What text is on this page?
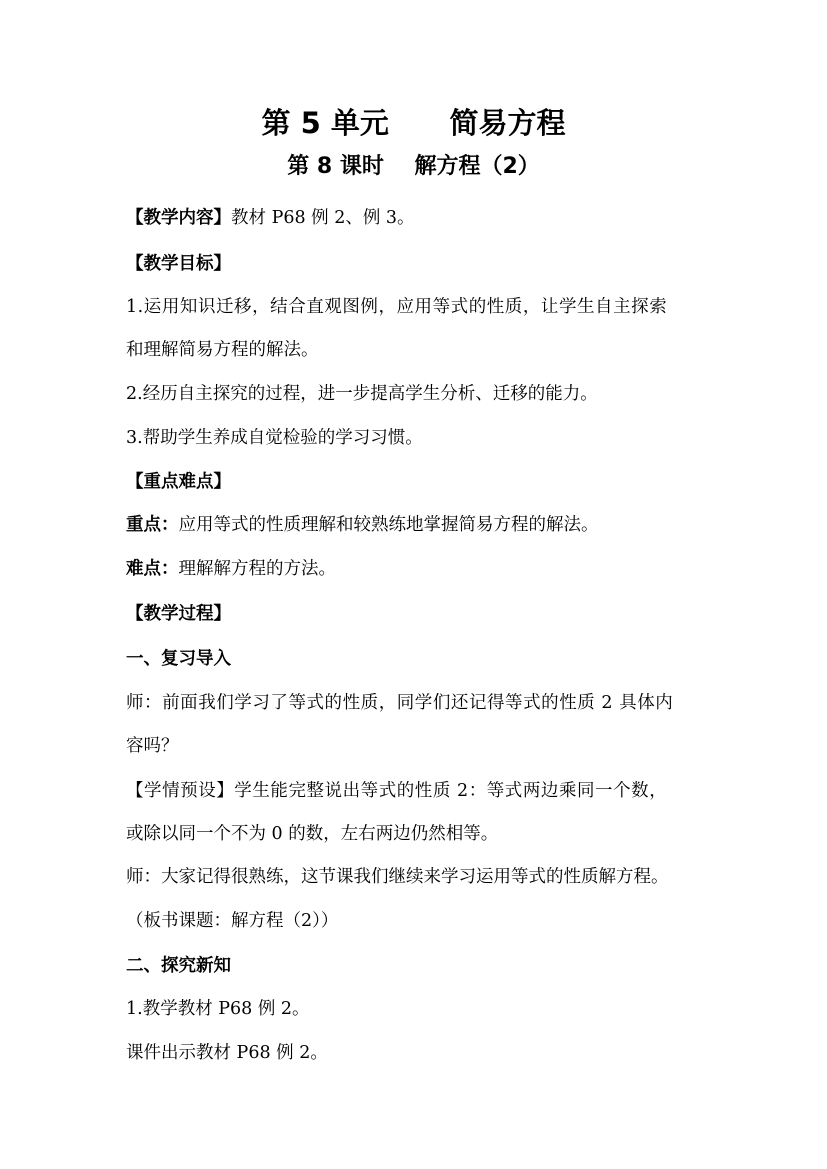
第 5 单元      简易方程
第 8 课时    解方程（2）

【教学内容】教材 P68 例 2、例 3。

【教学目标】

1.运用知识迁移，结合直观图例，应用等式的性质，让学生自主探索

和理解简易方程的解法。

2.经历自主探究的过程，进一步提高学生分析、迁移的能力。

3.帮助学生养成自觉检验的学习习惯。

【重点难点】

重点：应用等式的性质理解和较熟练地掌握简易方程的解法。

难点：理解解方程的方法。

【教学过程】

一、复习导入

师：前面我们学习了等式的性质，同学们还记得等式的性质 2 具体内

容吗？

【学情预设】学生能完整说出等式的性质 2：等式两边乘同一个数，

或除以同一个不为 0 的数，左右两边仍然相等。

师：大家记得很熟练，这节课我们继续来学习运用等式的性质解方程。

（板书课题：解方程（2））

二、探究新知

1.教学教材 P68 例 2。

课件出示教材 P68 例 2。
